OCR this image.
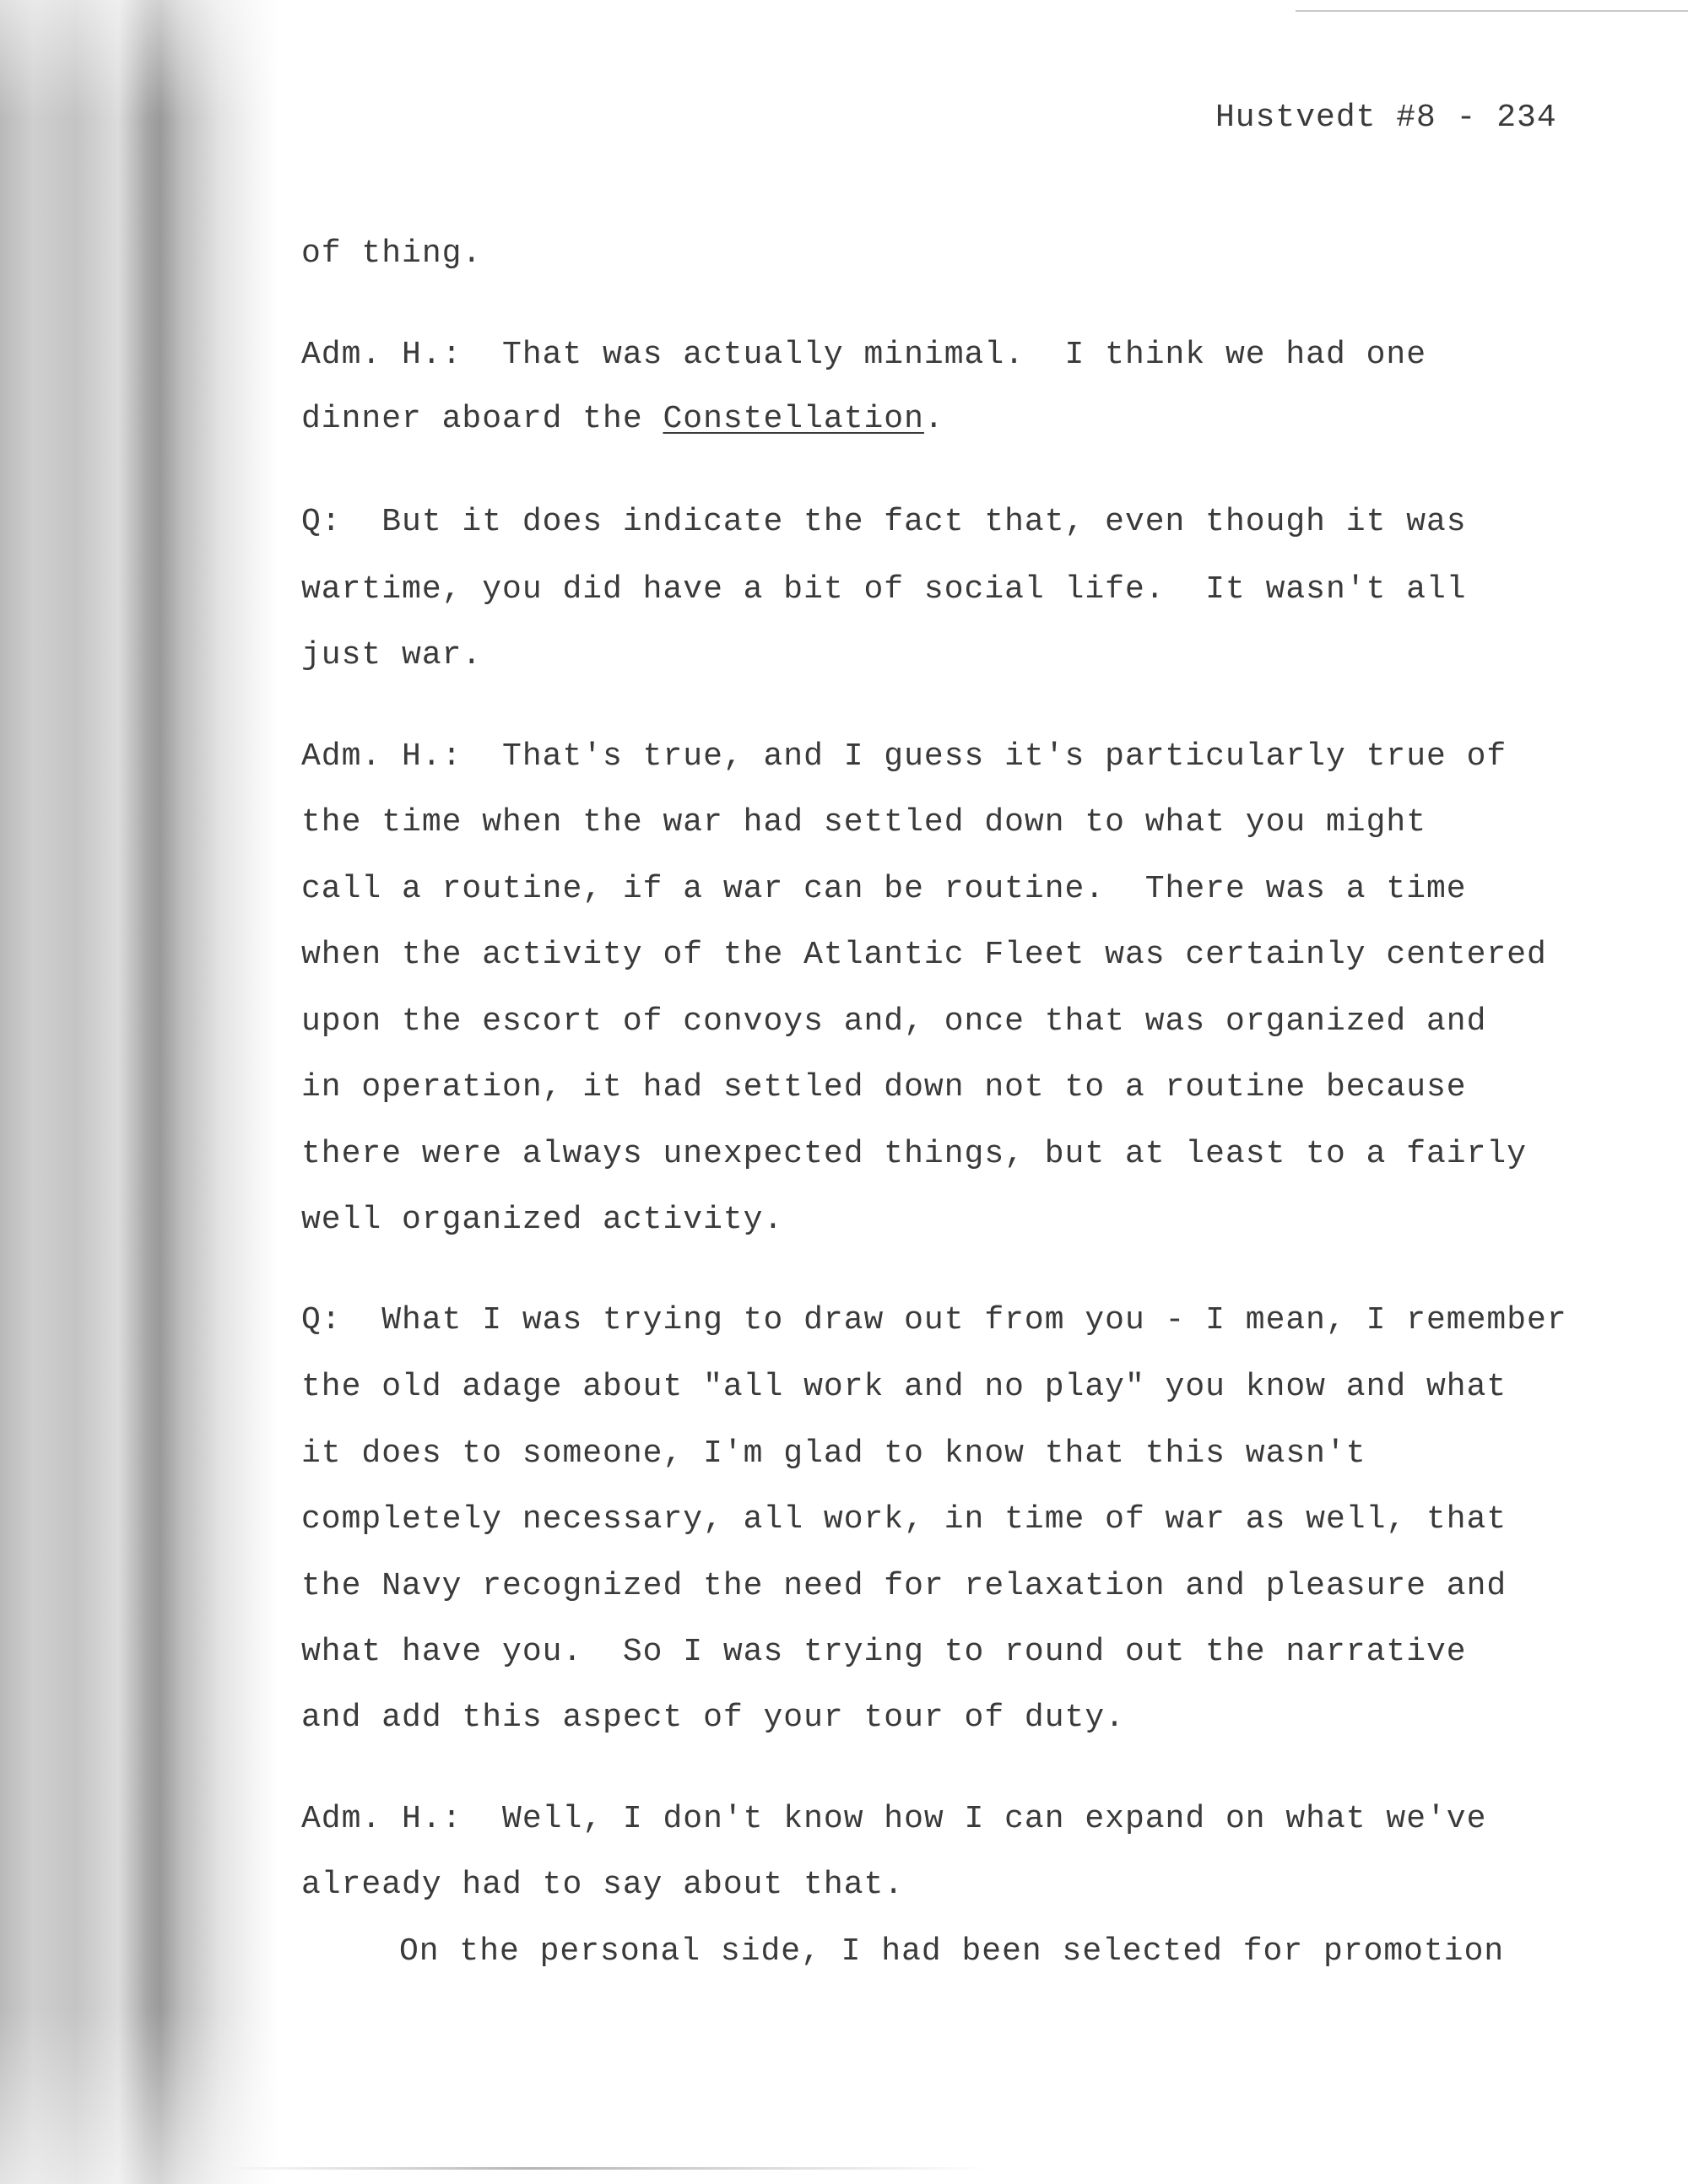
Hustvedt #8 - 234

of thing.

Adm. H.:  That was actually minimal.  I think we had one

dinner aboard the Constellation.

Q:  But it does indicate the fact that, even though it was

wartime, you did have a bit of social life.  It wasn't all

just war.

Adm. H.:  That's true, and I guess it's particularly true of

the time when the war had settled down to what you might

call a routine, if a war can be routine.  There was a time

when the activity of the Atlantic Fleet was certainly centered

upon the escort of convoys and, once that was organized and

in operation, it had settled down not to a routine because

there were always unexpected things, but at least to a fairly

well organized activity.

Q:  What I was trying to draw out from you - I mean, I remember

the old adage about "all work and no play" you know and what

it does to someone, I'm glad to know that this wasn't

completely necessary, all work, in time of war as well, that

the Navy recognized the need for relaxation and pleasure and

what have you.  So I was trying to round out the narrative

and add this aspect of your tour of duty.

Adm. H.:  Well, I don't know how I can expand on what we've

already had to say about that.

On the personal side, I had been selected for promotion
